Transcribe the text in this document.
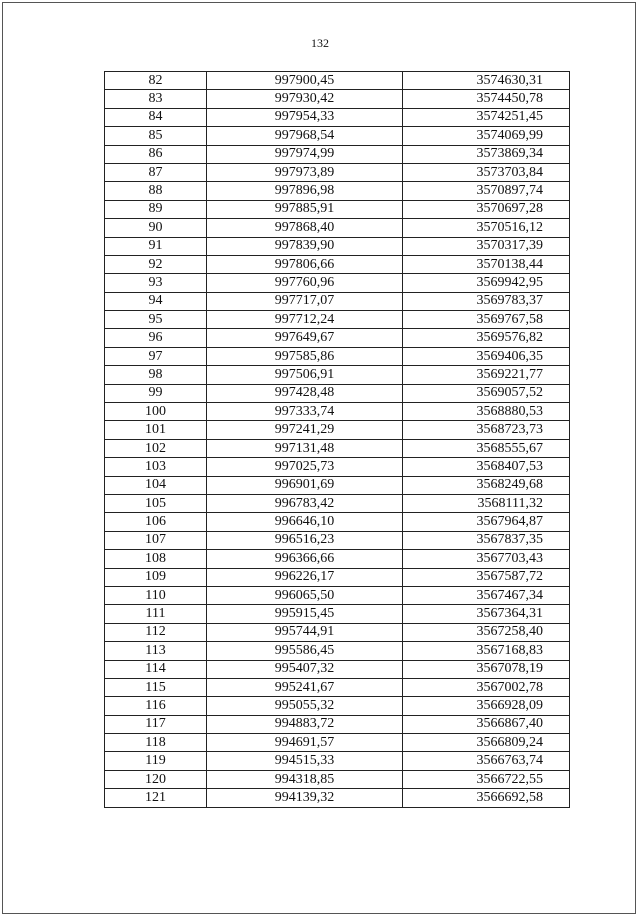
132
82	997900,45	3574630,31
83	997930,42	3574450,78
84	997954,33	3574251,45
85	997968,54	3574069,99
86	997974,99	3573869,34
87	997973,89	3573703,84
88	997896,98	3570897,74
89	997885,91	3570697,28
90	997868,40	3570516,12
91	997839,90	3570317,39
92	997806,66	3570138,44
93	997760,96	3569942,95
94	997717,07	3569783,37
95	997712,24	3569767,58
96	997649,67	3569576,82
97	997585,86	3569406,35
98	997506,91	3569221,77
99	997428,48	3569057,52
100	997333,74	3568880,53
101	997241,29	3568723,73
102	997131,48	3568555,67
103	997025,73	3568407,53
104	996901,69	3568249,68
105	996783,42	3568111,32
106	996646,10	3567964,87
107	996516,23	3567837,35
108	996366,66	3567703,43
109	996226,17	3567587,72
110	996065,50	3567467,34
111	995915,45	3567364,31
112	995744,91	3567258,40
113	995586,45	3567168,83
114	995407,32	3567078,19
115	995241,67	3567002,78
116	995055,32	3566928,09
117	994883,72	3566867,40
118	994691,57	3566809,24
119	994515,33	3566763,74
120	994318,85	3566722,55
121	994139,32	3566692,58
